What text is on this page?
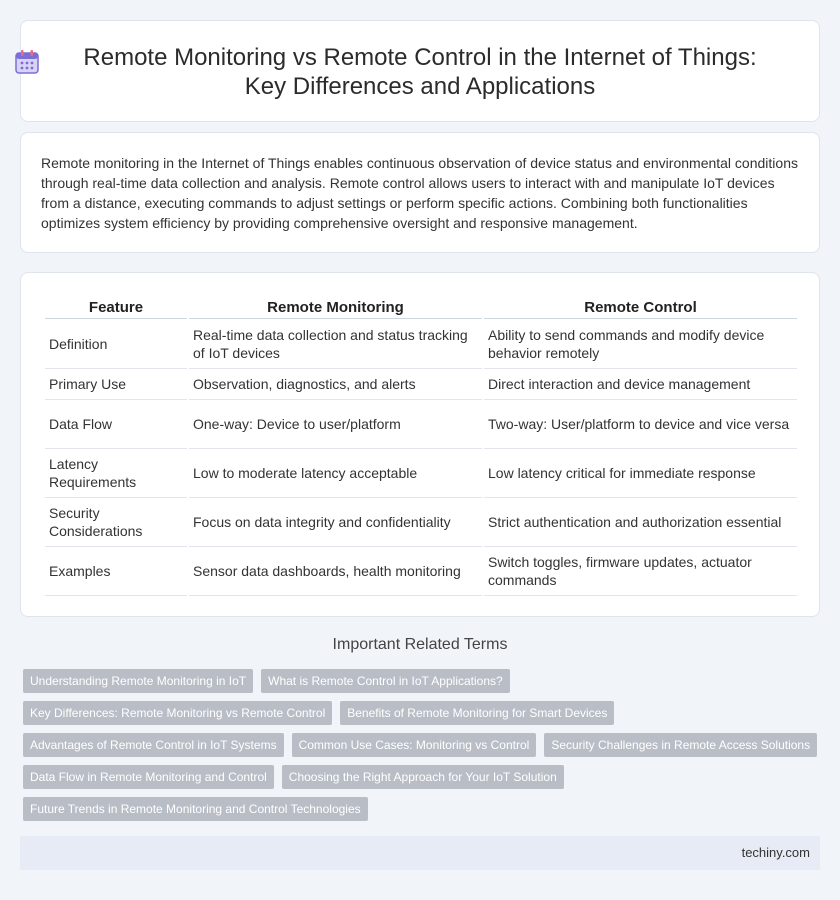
Remote Monitoring vs Remote Control in the Internet of Things: Key Differences and Applications

Remote monitoring in the Internet of Things enables continuous observation of device status and environmental conditions through real-time data collection and analysis. Remote control allows users to interact with and manipulate IoT devices from a distance, executing commands to adjust settings or perform specific actions. Combining both functionalities optimizes system efficiency by providing comprehensive oversight and responsive management.

Feature	Remote Monitoring	Remote Control
Definition	Real-time data collection and status tracking of IoT devices	Ability to send commands and modify device behavior remotely
Primary Use	Observation, diagnostics, and alerts	Direct interaction and device management
Data Flow	One-way: Device to user/platform	Two-way: User/platform to device and vice versa
Latency Requirements	Low to moderate latency acceptable	Low latency critical for immediate response
Security Considerations	Focus on data integrity and confidentiality	Strict authentication and authorization essential
Examples	Sensor data dashboards, health monitoring	Switch toggles, firmware updates, actuator commands
Important Related Terms
Understanding Remote Monitoring in IoT	What is Remote Control in IoT Applications?
Key Differences: Remote Monitoring vs Remote Control	Benefits of Remote Monitoring for Smart Devices
Advantages of Remote Control in IoT Systems	Common Use Cases: Monitoring vs Control	Security Challenges in Remote Access Solutions
Data Flow in Remote Monitoring and Control	Choosing the Right Approach for Your IoT Solution
Future Trends in Remote Monitoring and Control Technologies
techiny.com
